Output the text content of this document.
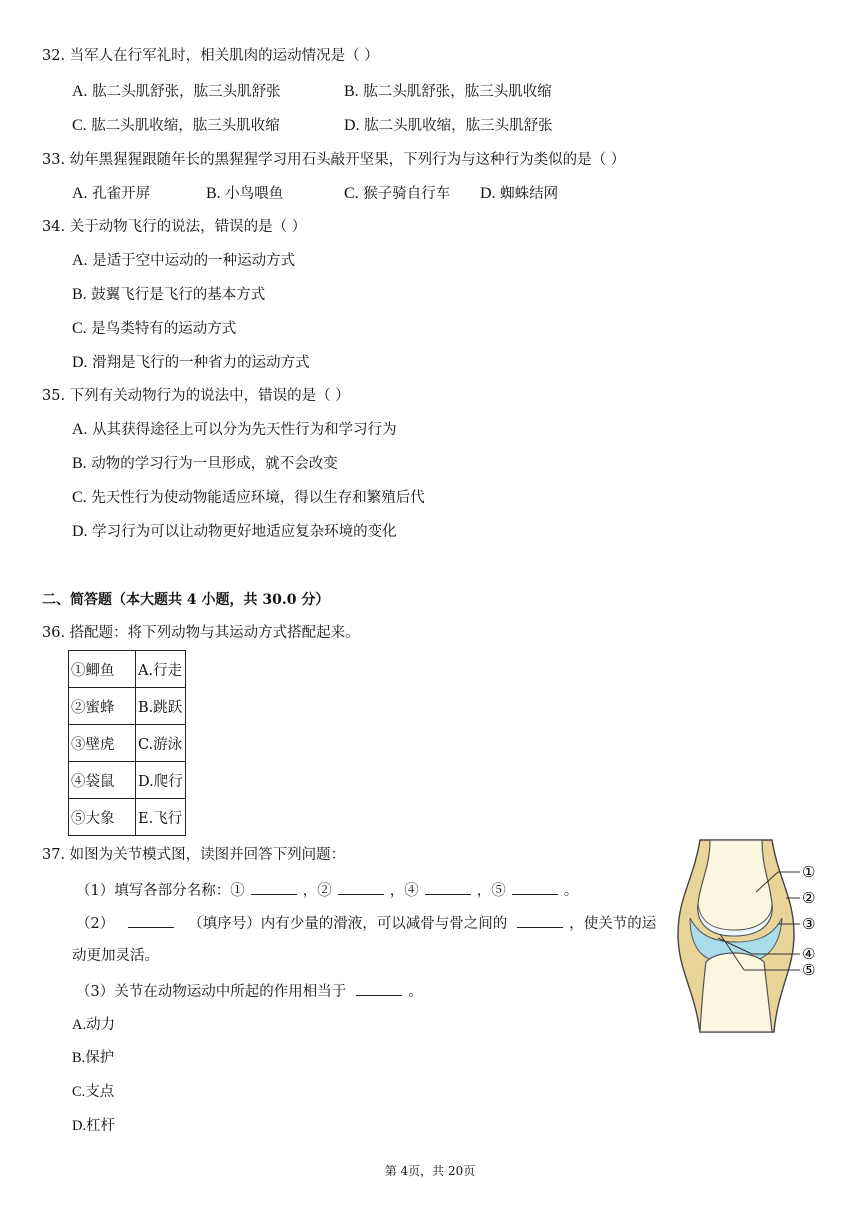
32. 当军人在行军礼时，相关肌肉的运动情况是（ ）
A. 肱二头肌舒张，肱三头肌舒张	B. 肱二头肌舒张，肱三头肌收缩
C. 肱二头肌收缩，肱三头肌收缩	D. 肱二头肌收缩，肱三头肌舒张
33. 幼年黑猩猩跟随年长的黑猩猩学习用石头敲开坚果，下列行为与这种行为类似的是（ ）
A. 孔雀开屏	B. 小鸟喂鱼	C. 猴子骑自行车 D. 蜘蛛结网
34. 关于动物飞行的说法，错误的是（ ）
A. 是适于空中运动的一种运动方式
B. 鼓翼飞行是飞行的基本方式
C. 是鸟类特有的运动方式
D. 滑翔是飞行的一种省力的运动方式
35. 下列有关动物行为的说法中，错误的是（ ）
A. 从其获得途径上可以分为先天性行为和学习行为
B. 动物的学习行为一旦形成，就不会改变
C. 先天性行为使动物能适应环境，得以生存和繁殖后代
D. 学习行为可以让动物更好地适应复杂环境的变化
二、简答题（本大题共 4 小题，共 30.0 分）
36. 搭配题：将下列动物与其运动方式搭配起来。
①鲫鱼	A.行走
②蜜蜂	B.跳跃
③壁虎	C.游泳
④袋鼠	D.爬行
⑤大象	E.飞行
37. 如图为关节模式图，读图并回答下列问题：
（1）填写各部分名称：①	，②	，④	，⑤	。
（2）	（填序号）内有少量的滑液，可以减骨与骨之间的	，使关节的运
动更加灵活。
（3）关节在动物运动中所起的作用相当于	。
A.动力
B.保护
C.支点
D.杠杆
①
②
③
④
⑤
第 4页，共 20页
